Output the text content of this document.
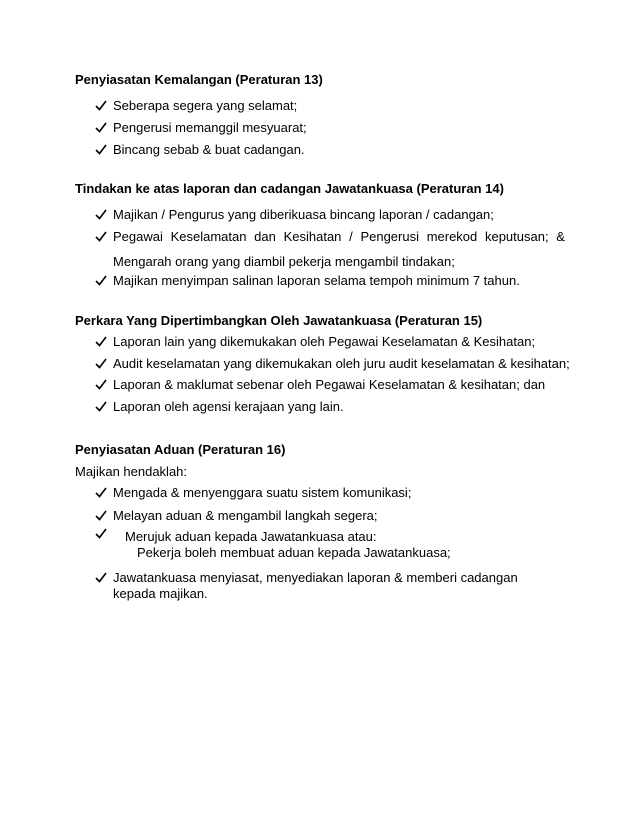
Penyiasatan Kemalangan (Peraturan 13)
Seberapa segera yang selamat;
Pengerusi memanggil mesyuarat;
Bincang sebab & buat cadangan.
Tindakan ke atas laporan dan cadangan Jawatankuasa (Peraturan 14)
Majikan / Pengurus yang diberikuasa bincang laporan / cadangan;
Pegawai Keselamatan dan Kesihatan / Pengerusi merekod keputusan; &
Mengarah orang yang diambil pekerja mengambil tindakan;
Majikan menyimpan salinan laporan selama tempoh minimum 7 tahun.
Perkara Yang Dipertimbangkan Oleh Jawatankuasa (Peraturan 15)
Laporan lain yang dikemukakan oleh Pegawai Keselamatan & Kesihatan;
Audit keselamatan yang dikemukakan oleh juru audit keselamatan & kesihatan;
Laporan & maklumat sebenar oleh Pegawai Keselamatan & kesihatan; dan
Laporan oleh agensi kerajaan yang lain.
Penyiasatan Aduan (Peraturan 16)
Majikan hendaklah:
Mengada & menyenggara suatu sistem komunikasi;
Melayan aduan & mengambil langkah segera;
Merujuk aduan kepada Jawatankuasa atau:
Pekerja boleh membuat aduan kepada Jawatankuasa;
Jawatankuasa menyiasat, menyediakan laporan & memberi cadangan kepada majikan.
